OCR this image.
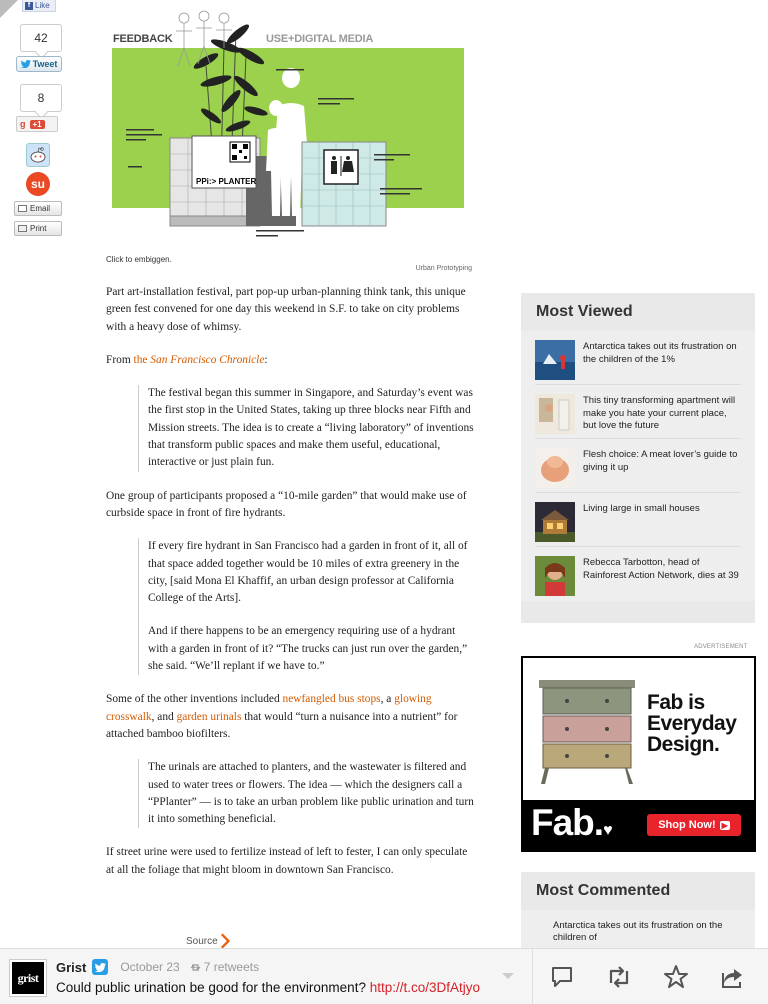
f Like
42
Tweet
8
g +1
su
Email
Print
FEEDBACK	USE+DIGITAL MEDIA
PPi:> PLANTER
Click to embiggen.
Urban Prototyping

Part art-installation festival, part pop-up urban-planning think tank, this unique green fest convened for one day this weekend in S.F. to take on city problems with a heavy dose of whimsy.

From the San Francisco Chronicle:

The festival began this summer in Singapore, and Saturday’s event was the first stop in the United States, taking up three blocks near Fifth and Mission streets. The idea is to create a “living laboratory” of inventions that transform public spaces and make them useful, educational, interactive or just plain fun.

One group of participants proposed a “10-mile garden” that would make use of curbside space in front of fire hydrants.

If every fire hydrant in San Francisco had a garden in front of it, all of that space added together would be 10 miles of extra greenery in the city, [said Mona El Khaffif, an urban design professor at California College of the Arts].

And if there happens to be an emergency requiring use of a hydrant with a garden in front of it? “The trucks can just run over the garden,” she said. “We’ll replant if we have to.”

Some of the other inventions included newfangled bus stops, a glowing crosswalk, and garden urinals that would “turn a nuisance into a nutrient” for attached bamboo biofilters.

The urinals are attached to planters, and the wastewater is filtered and used to water trees or flowers. The idea — which the designers call a “PPlanter” — is to take an urban problem like public urination and turn it into something beneficial.

If street urine were used to fertilize instead of left to fester, I can only speculate at all the foliage that might bloom in downtown San Francisco.

Source
Most Viewed
Antarctica takes out its frustration on the children of the 1%
This tiny transforming apartment will make you hate your current place, but love the future
Flesh choice: A meat lover’s guide to giving it up
Living large in small houses
Rebecca Tarbotton, head of Rainforest Action Network, dies at 39
ADVERTISEMENT
Fab is
Everyday
Design.
Fab.♥	Shop Now! ▶
Most Commented
Antarctica takes out its frustration on the children of
grist
Grist	October 23 7 retweets
Could public urination be good for the environment? http://t.co/3DfAtjyo
